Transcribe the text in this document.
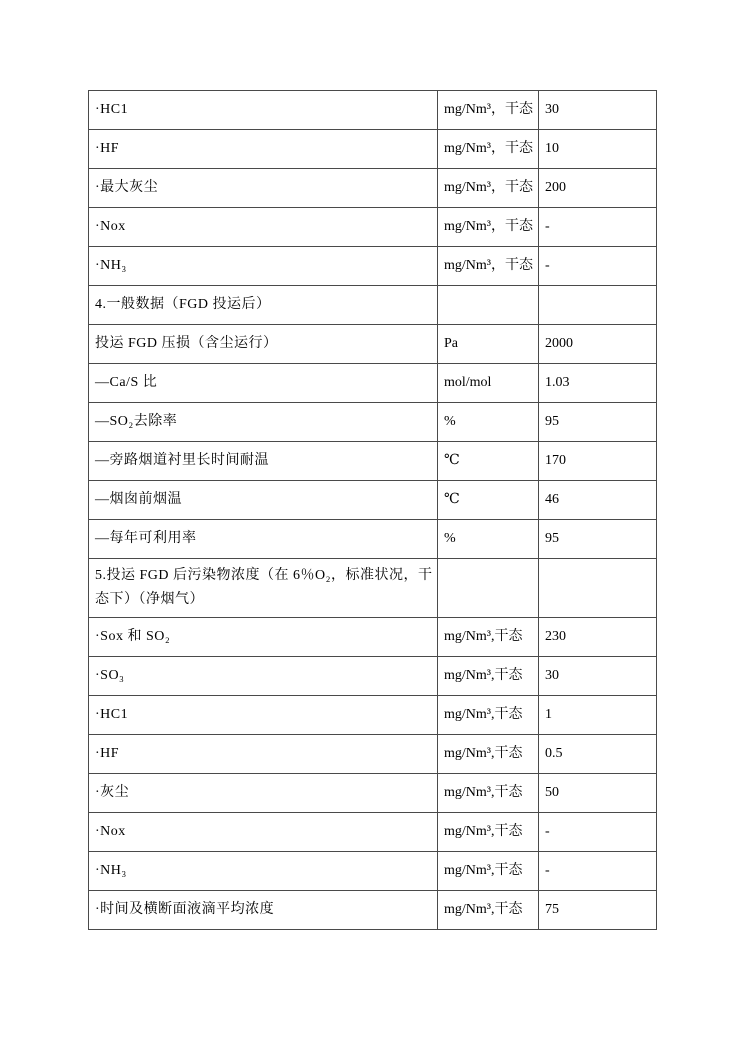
·HC1	mg/Nm³，干态	30
·HF	mg/Nm³，干态	10
·最大灰尘	mg/Nm³，干态	200
·Nox	mg/Nm³，干态	-
·NH₃	mg/Nm³，干态	-
4.一般数据（FGD 投运后）		
投运 FGD 压损（含尘运行）	Pa	2000
—Ca/S 比	mol/mol	1.03
—SO₂去除率	%	95
—旁路烟道衬里长时间耐温	℃	170
—烟囱前烟温	℃	46
—每年可利用率	%	95
5.投运 FGD 后污染物浓度（在 6％O₂，标准状况，干态下）（净烟气）		
·Sox 和 SO₂	mg/Nm³,干态	230
·SO₃	mg/Nm³,干态	30
·HC1	mg/Nm³,干态	1
·HF	mg/Nm³,干态	0.5
·灰尘	mg/Nm³,干态	50
·Nox	mg/Nm³,干态	-
·NH₃	mg/Nm³,干态	-
·时间及横断面液滴平均浓度	mg/Nm³,干态	75
